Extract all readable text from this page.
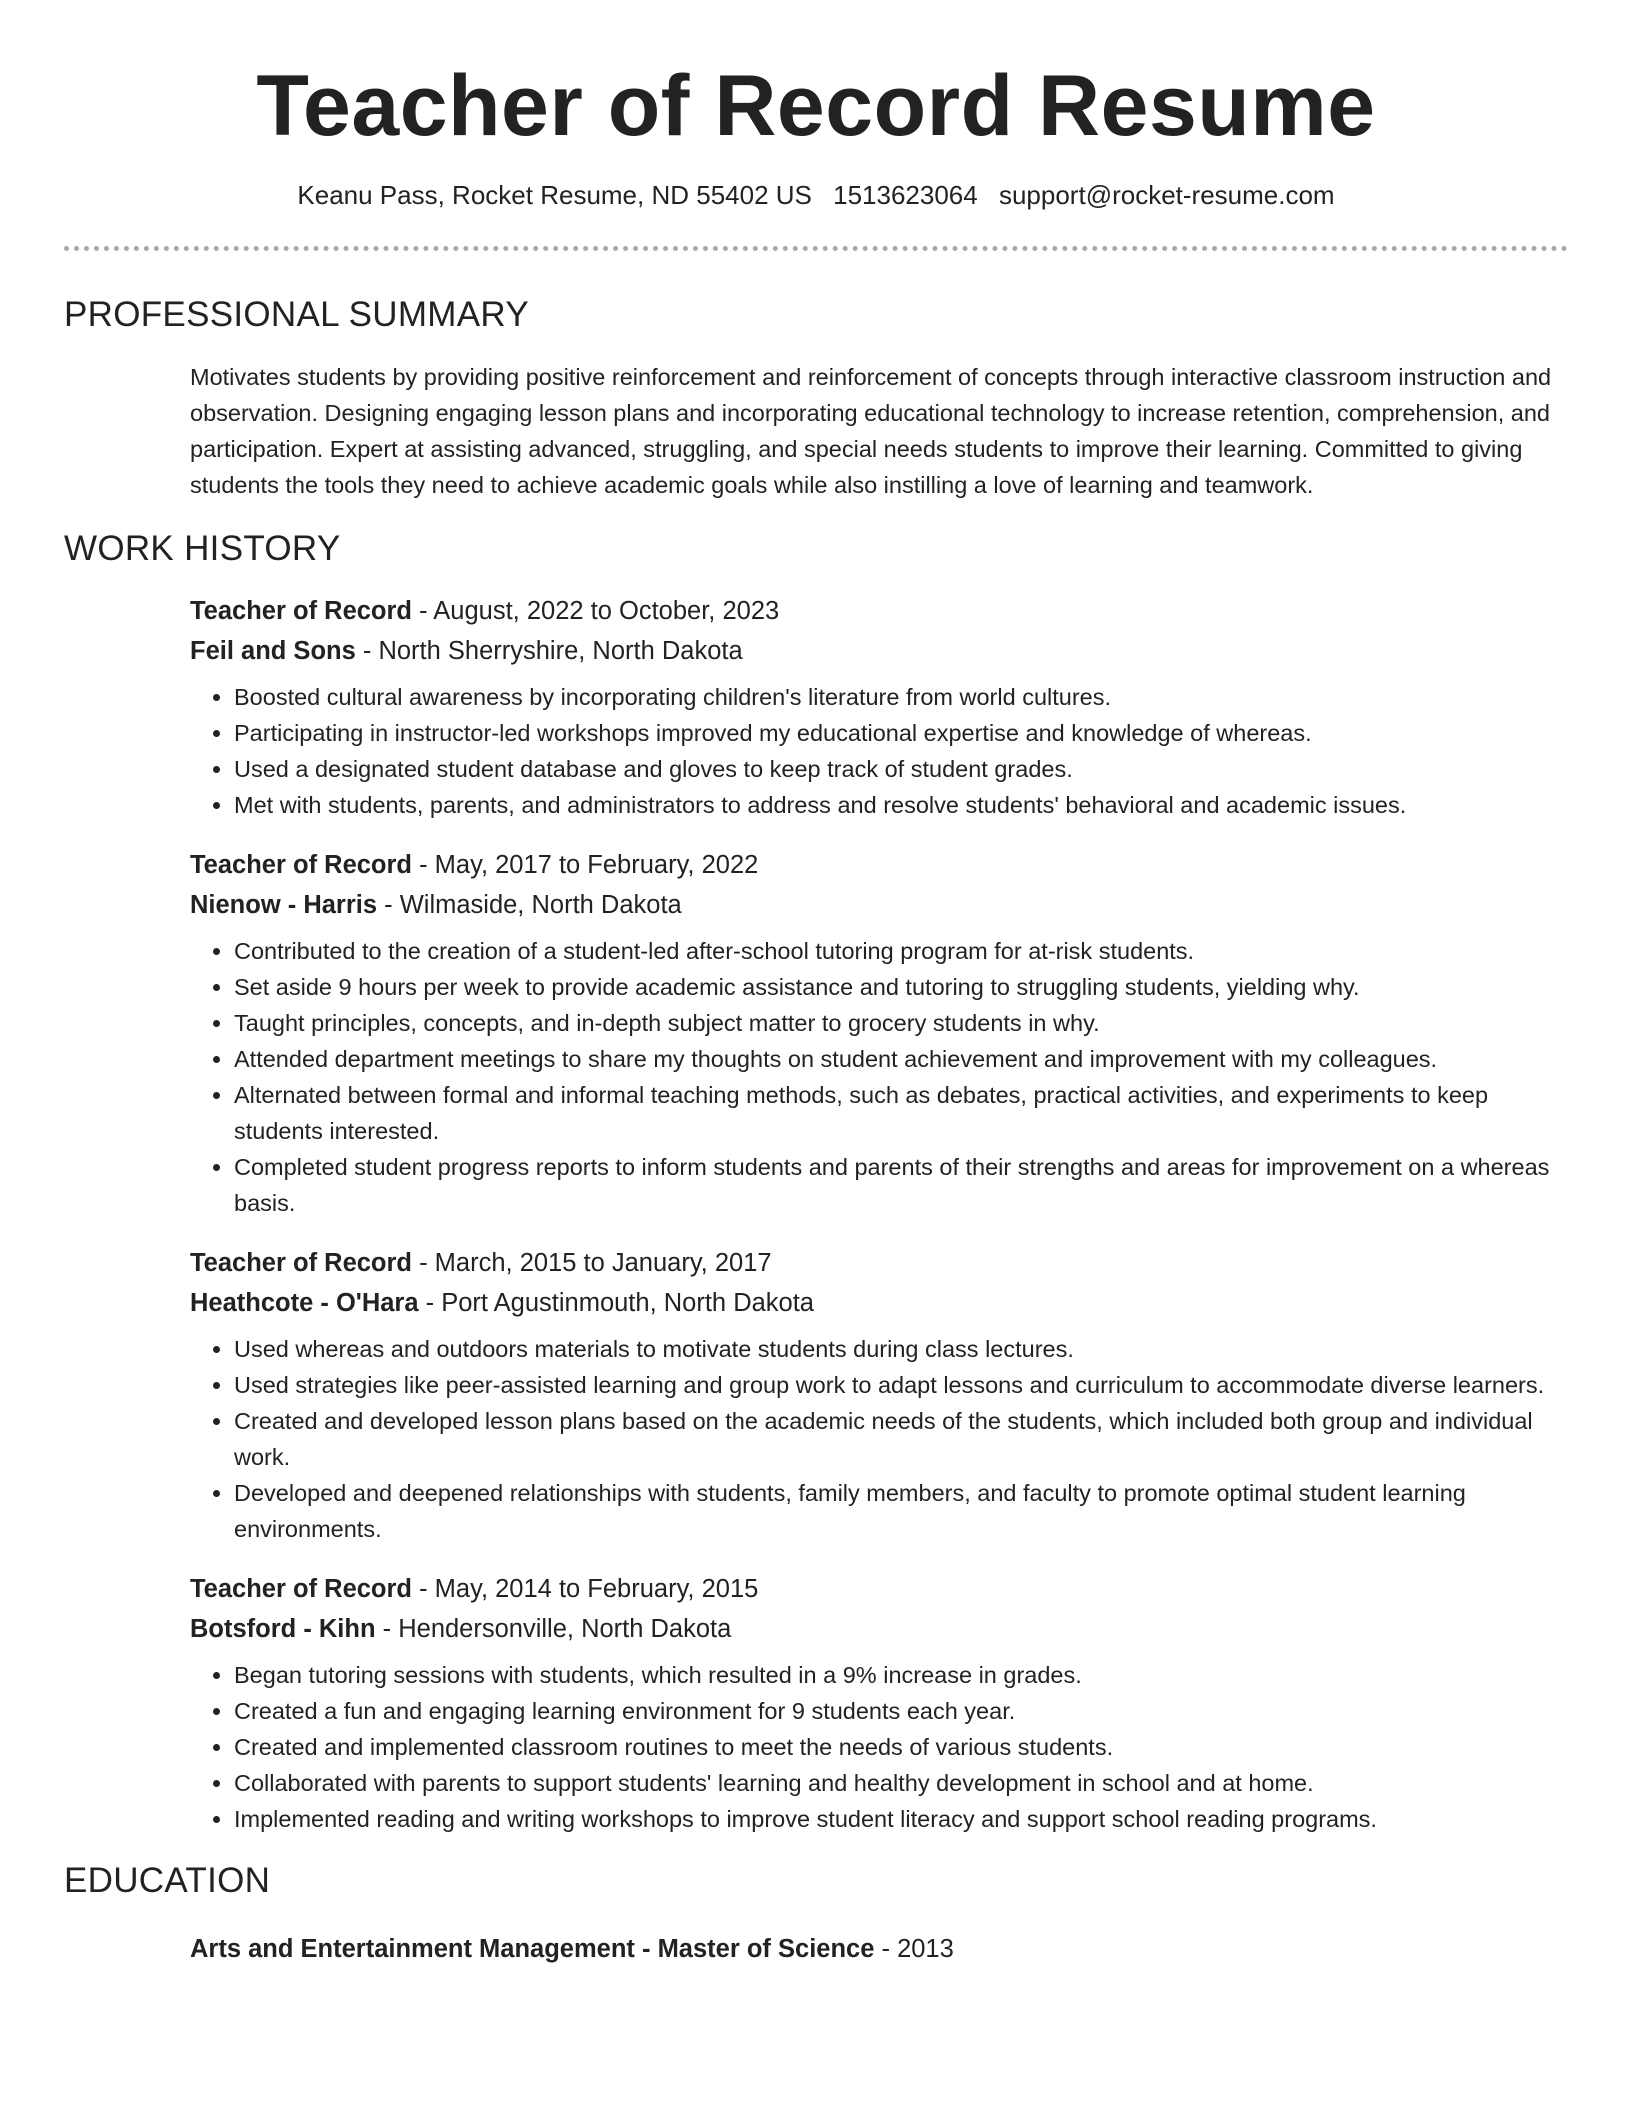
Teacher of Record Resume
Keanu Pass, Rocket Resume, ND 55402 US 1513623064 support@rocket-resume.com
PROFESSIONAL SUMMARY
Motivates students by providing positive reinforcement and reinforcement of concepts through interactive classroom instruction and observation. Designing engaging lesson plans and incorporating educational technology to increase retention, comprehension, and participation. Expert at assisting advanced, struggling, and special needs students to improve their learning. Committed to giving students the tools they need to achieve academic goals while also instilling a love of learning and teamwork.
WORK HISTORY
Teacher of Record - August, 2022 to October, 2023
Feil and Sons - North Sherryshire, North Dakota
• Boosted cultural awareness by incorporating children's literature from world cultures.
• Participating in instructor-led workshops improved my educational expertise and knowledge of whereas.
• Used a designated student database and gloves to keep track of student grades.
• Met with students, parents, and administrators to address and resolve students' behavioral and academic issues.
Teacher of Record - May, 2017 to February, 2022
Nienow - Harris - Wilmaside, North Dakota
• Contributed to the creation of a student-led after-school tutoring program for at-risk students.
• Set aside 9 hours per week to provide academic assistance and tutoring to struggling students, yielding why.
• Taught principles, concepts, and in-depth subject matter to grocery students in why.
• Attended department meetings to share my thoughts on student achievement and improvement with my colleagues.
• Alternated between formal and informal teaching methods, such as debates, practical activities, and experiments to keep students interested.
• Completed student progress reports to inform students and parents of their strengths and areas for improvement on a whereas basis.
Teacher of Record - March, 2015 to January, 2017
Heathcote - O'Hara - Port Agustinmouth, North Dakota
• Used whereas and outdoors materials to motivate students during class lectures.
• Used strategies like peer-assisted learning and group work to adapt lessons and curriculum to accommodate diverse learners.
• Created and developed lesson plans based on the academic needs of the students, which included both group and individual work.
• Developed and deepened relationships with students, family members, and faculty to promote optimal student learning environments.
Teacher of Record - May, 2014 to February, 2015
Botsford - Kihn - Hendersonville, North Dakota
• Began tutoring sessions with students, which resulted in a 9% increase in grades.
• Created a fun and engaging learning environment for 9 students each year.
• Created and implemented classroom routines to meet the needs of various students.
• Collaborated with parents to support students' learning and healthy development in school and at home.
• Implemented reading and writing workshops to improve student literacy and support school reading programs.
EDUCATION
Arts and Entertainment Management - Master of Science - 2013
